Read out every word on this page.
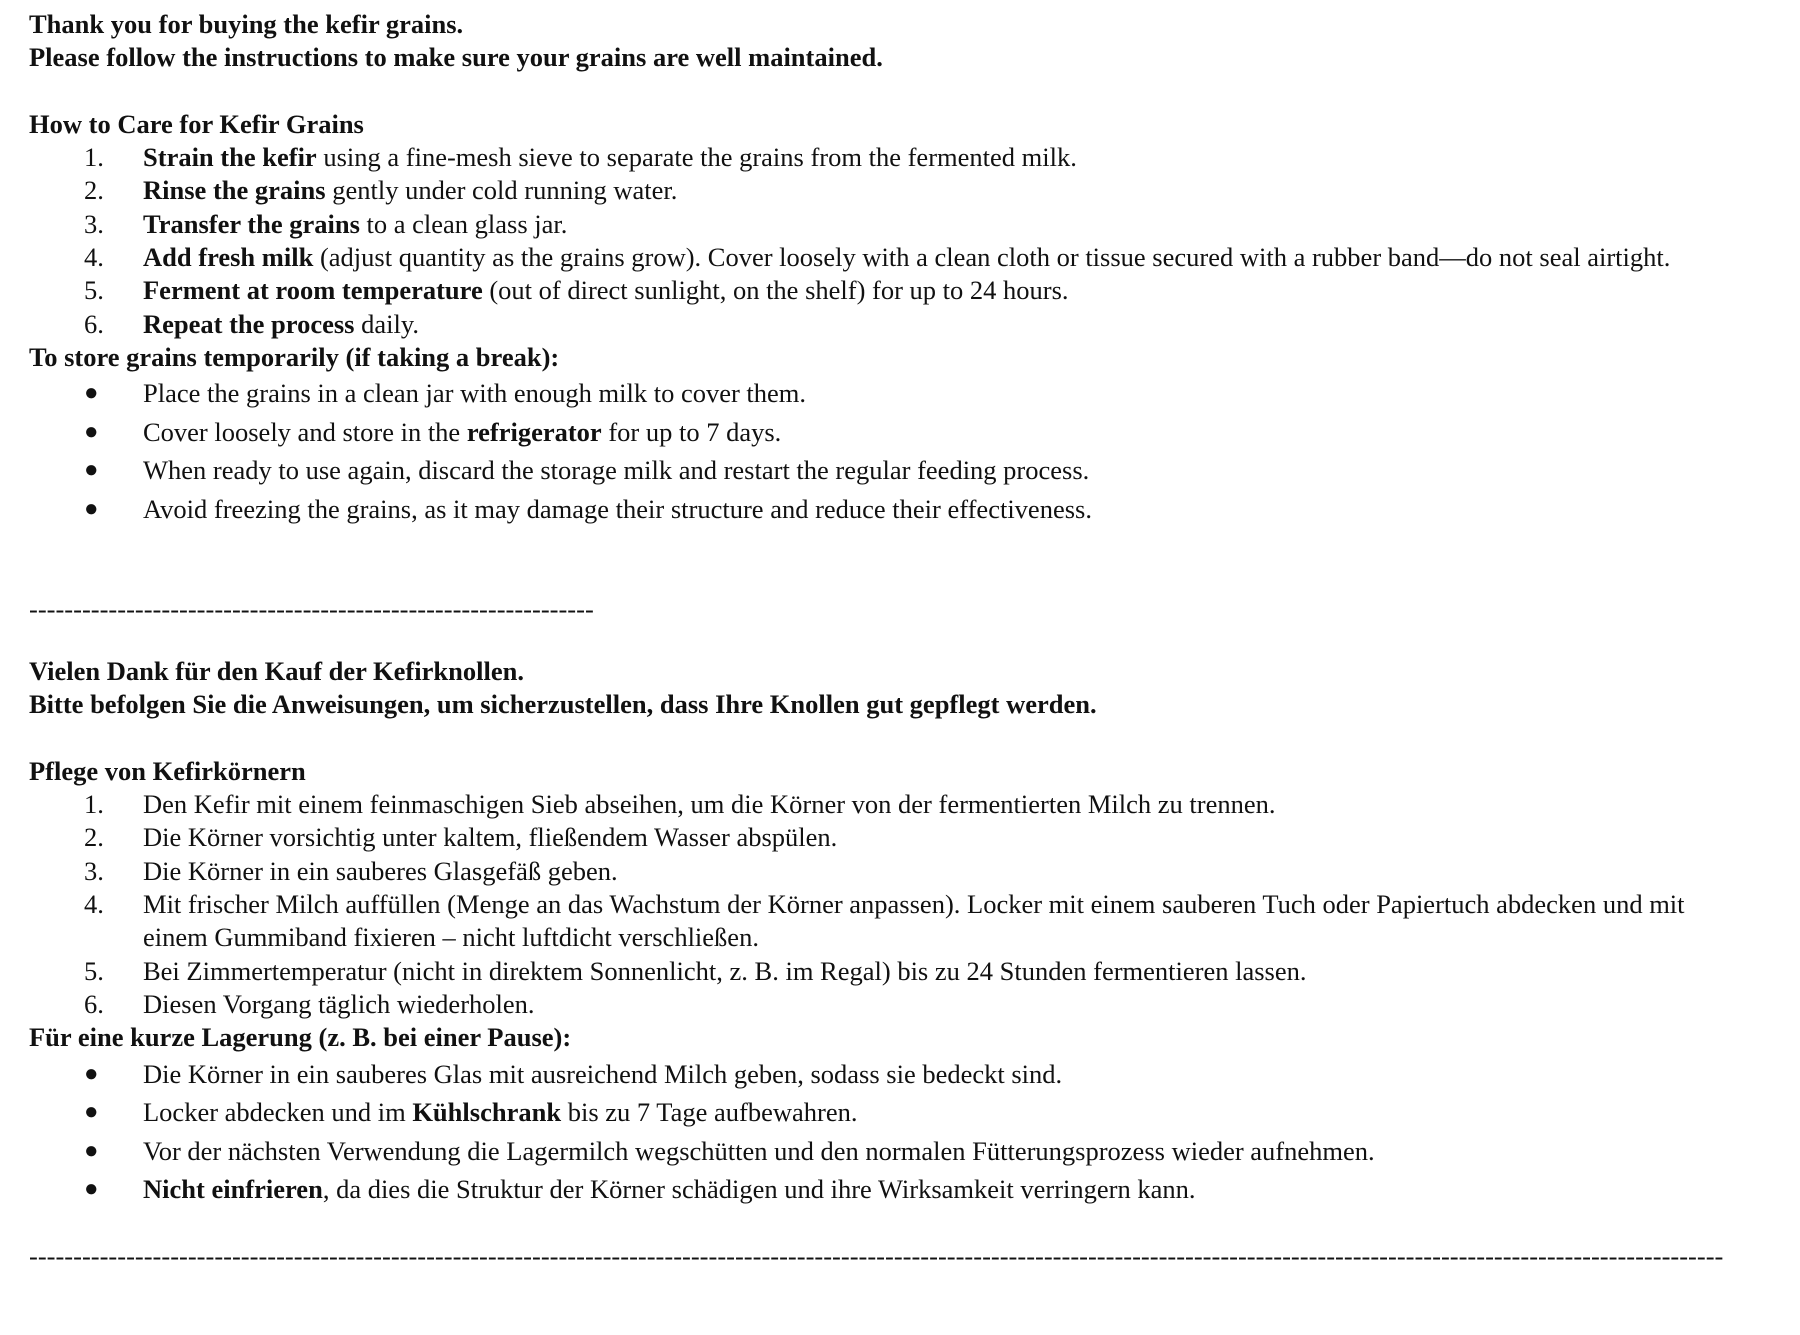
Thank you for buying the kefir grains.
Please follow the instructions to make sure your grains are well maintained.
How to Care for Kefir Grains
1. Strain the kefir using a fine-mesh sieve to separate the grains from the fermented milk.
2. Rinse the grains gently under cold running water.
3. Transfer the grains to a clean glass jar.
4. Add fresh milk (adjust quantity as the grains grow). Cover loosely with a clean cloth or tissue secured with a rubber band—do not seal airtight.
5. Ferment at room temperature (out of direct sunlight, on the shelf) for up to 24 hours.
6. Repeat the process daily.
To store grains temporarily (if taking a break):
● Place the grains in a clean jar with enough milk to cover them.
● Cover loosely and store in the refrigerator for up to 7 days.
● When ready to use again, discard the storage milk and restart the regular feeding process.
● Avoid freezing the grains, as it may damage their structure and reduce their effectiveness.
----------------------------------------------------------------
Vielen Dank für den Kauf der Kefirknollen.
Bitte befolgen Sie die Anweisungen, um sicherzustellen, dass Ihre Knollen gut gepflegt werden.
Pflege von Kefirkörnern
1. Den Kefir mit einem feinmaschigen Sieb abseihen, um die Körner von der fermentierten Milch zu trennen.
2. Die Körner vorsichtig unter kaltem, fließendem Wasser abspülen.
3. Die Körner in ein sauberes Glasgefäß geben.
4. Mit frischer Milch auffüllen (Menge an das Wachstum der Körner anpassen). Locker mit einem sauberen Tuch oder Papiertuch abdecken und mit einem Gummiband fixieren – nicht luftdicht verschließen.
5. Bei Zimmertemperatur (nicht in direktem Sonnenlicht, z. B. im Regal) bis zu 24 Stunden fermentieren lassen.
6. Diesen Vorgang täglich wiederholen.
Für eine kurze Lagerung (z. B. bei einer Pause):
● Die Körner in ein sauberes Glas mit ausreichend Milch geben, sodass sie bedeckt sind.
● Locker abdecken und im Kühlschrank bis zu 7 Tage aufbewahren.
● Vor der nächsten Verwendung die Lagermilch wegschütten und den normalen Fütterungsprozess wieder aufnehmen.
● Nicht einfrieren, da dies die Struktur der Körner schädigen und ihre Wirksamkeit verringern kann.
------------------------------------------------------------------------------------------------------------------------------------------------------------------------------------------------
